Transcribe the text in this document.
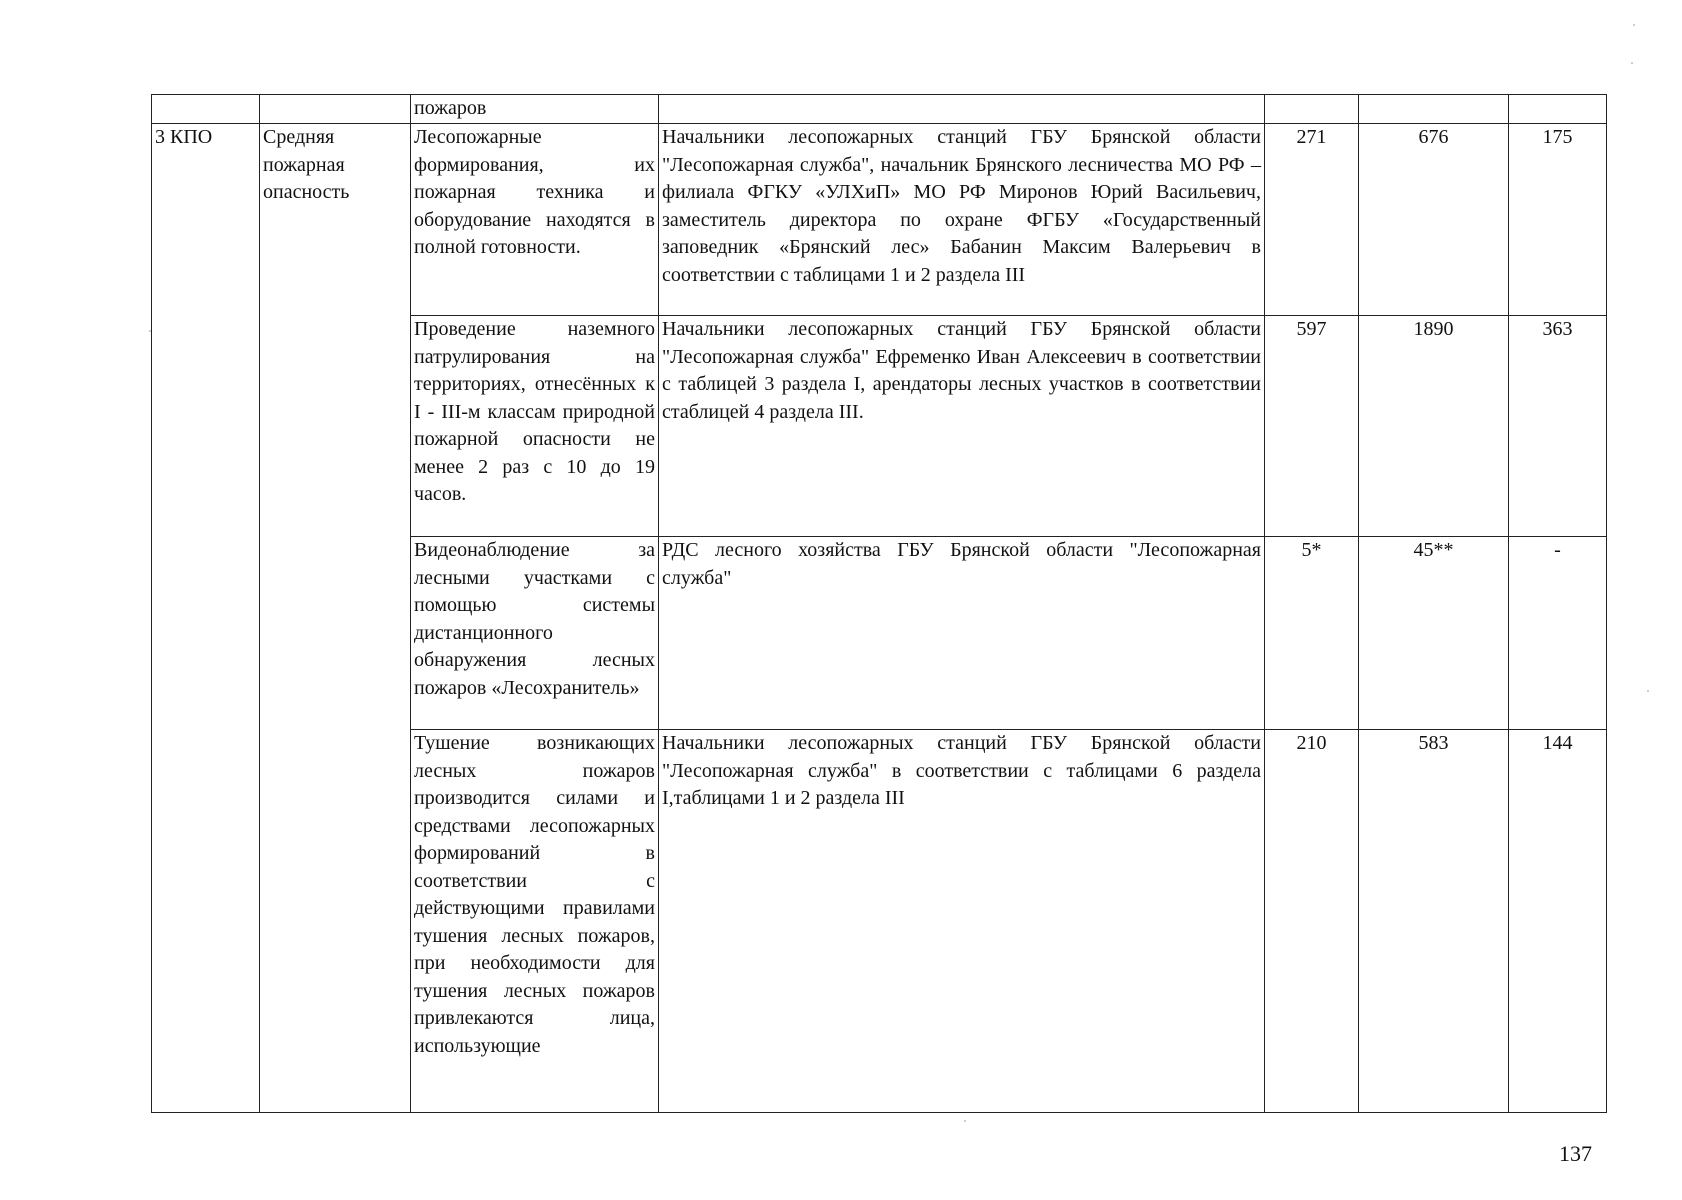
		пожаров				
3 КПО	Средняя пожарная опасность	Лесопожарные формирования, их пожарная техника и оборудование находятся в полной готовности.	Начальники лесопожарных станций ГБУ Брянской области "Лесопожарная служба", начальник Брянского лесничества МО РФ –филиала ФГКУ «УЛХиП» МО РФ Миронов Юрий Васильевич, заместитель директора по охране ФГБУ «Государственный заповедник «Брянский лес» Бабанин Максим Валерьевич в соответствии с таблицами 1 и 2 раздела III	271	676	175
		Проведение наземного патрулирования на территориях, отнесённых к I - III-м классам природной пожарной опасности не менее 2 раз с 10 до 19 часов.	Начальники лесопожарных станций ГБУ Брянской области "Лесопожарная служба" Ефременко Иван Алексеевич в соответствии с таблицей 3 раздела I, арендаторы лесных участков в соответствии стаблицей 4 раздела III.	597	1890	363
		Видеонаблюдение за лесными участками с помощью системы дистанционного обнаружения лесных пожаров «Лесохранитель»	РДС лесного хозяйства ГБУ Брянской области "Лесопожарная служба"	5*	45**	-
		Тушение возникающих лесных пожаров производится силами и средствами лесопожарных формирований в соответствии с действующими правилами тушения лесных пожаров, при необходимости для тушения лесных пожаров привлекаются лица, использующие	Начальники лесопожарных станций ГБУ Брянской области "Лесопожарная служба" в соответствии с таблицами 6 раздела I,таблицами 1 и 2 раздела III	210	583	144
137
